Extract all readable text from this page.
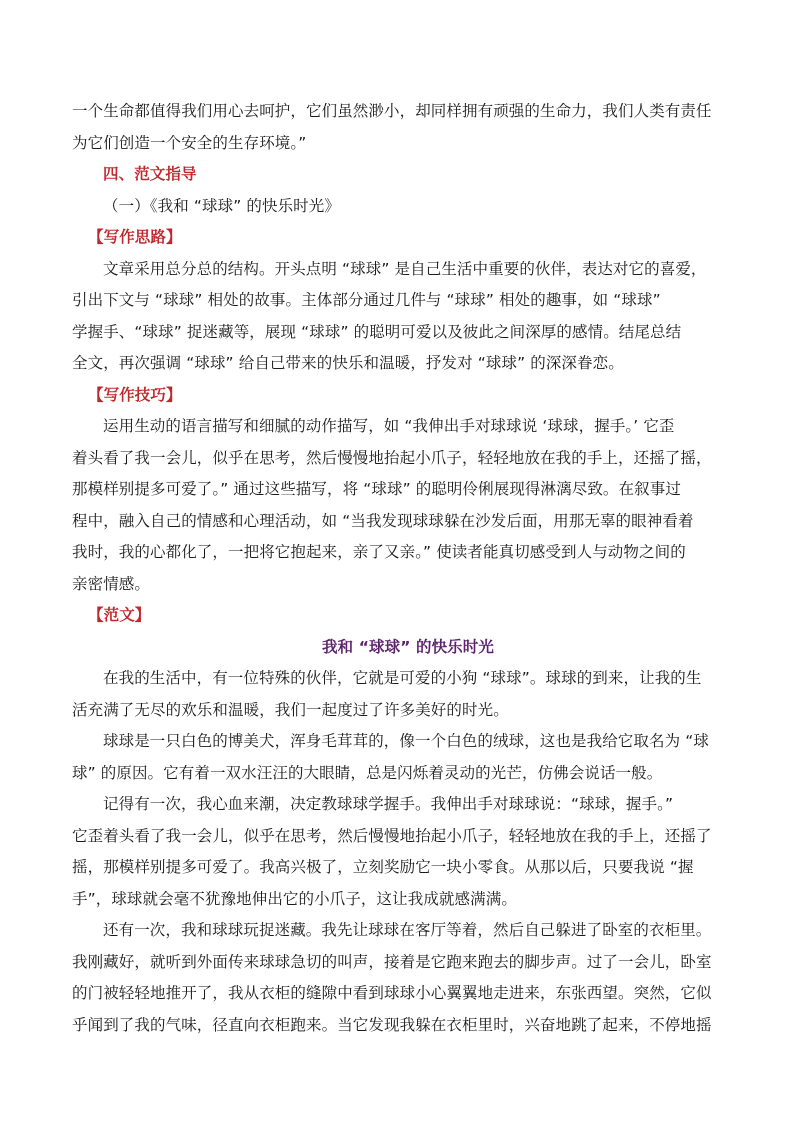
一个生命都值得我们用心去呵护，它们虽然渺小，却同样拥有顽强的生命力，我们人类有责任
为它们创造一个安全的生存环境。”
四、范文指导
（一）《我和 “球球” 的快乐时光》
【写作思路】
文章采用总分总的结构。开头点明 “球球” 是自己生活中重要的伙伴，表达对它的喜爱，
引出下文与 “球球” 相处的故事。主体部分通过几件与 “球球” 相处的趣事，如 “球球”
学握手、“球球” 捉迷藏等，展现 “球球” 的聪明可爱以及彼此之间深厚的感情。结尾总结
全文，再次强调 “球球” 给自己带来的快乐和温暖，抒发对 “球球” 的深深眷恋。
【写作技巧】
运用生动的语言描写和细腻的动作描写，如 “我伸出手对球球说 ‘球球，握手。’ 它歪
着头看了我一会儿，似乎在思考，然后慢慢地抬起小爪子，轻轻地放在我的手上，还摇了摇，
那模样别提多可爱了。” 通过这些描写，将 “球球” 的聪明伶俐展现得淋漓尽致。在叙事过
程中，融入自己的情感和心理活动，如 “当我发现球球躲在沙发后面，用那无辜的眼神看着
我时，我的心都化了，一把将它抱起来，亲了又亲。” 使读者能真切感受到人与动物之间的
亲密情感。
【范文】
我和 “球球” 的快乐时光
在我的生活中，有一位特殊的伙伴，它就是可爱的小狗 “球球”。球球的到来，让我的生
活充满了无尽的欢乐和温暖，我们一起度过了许多美好的时光。
球球是一只白色的博美犬，浑身毛茸茸的，像一个白色的绒球，这也是我给它取名为 “球
球” 的原因。它有着一双水汪汪的大眼睛，总是闪烁着灵动的光芒，仿佛会说话一般。
记得有一次，我心血来潮，决定教球球学握手。我伸出手对球球说：“球球，握手。”
它歪着头看了我一会儿，似乎在思考，然后慢慢地抬起小爪子，轻轻地放在我的手上，还摇了
摇，那模样别提多可爱了。我高兴极了，立刻奖励它一块小零食。从那以后，只要我说 “握
手”，球球就会毫不犹豫地伸出它的小爪子，这让我成就感满满。
还有一次，我和球球玩捉迷藏。我先让球球在客厅等着，然后自己躲进了卧室的衣柜里。
我刚藏好，就听到外面传来球球急切的叫声，接着是它跑来跑去的脚步声。过了一会儿，卧室
的门被轻轻地推开了，我从衣柜的缝隙中看到球球小心翼翼地走进来，东张西望。突然，它似
乎闻到了我的气味，径直向衣柜跑来。当它发现我躲在衣柜里时，兴奋地跳了起来，不停地摇
